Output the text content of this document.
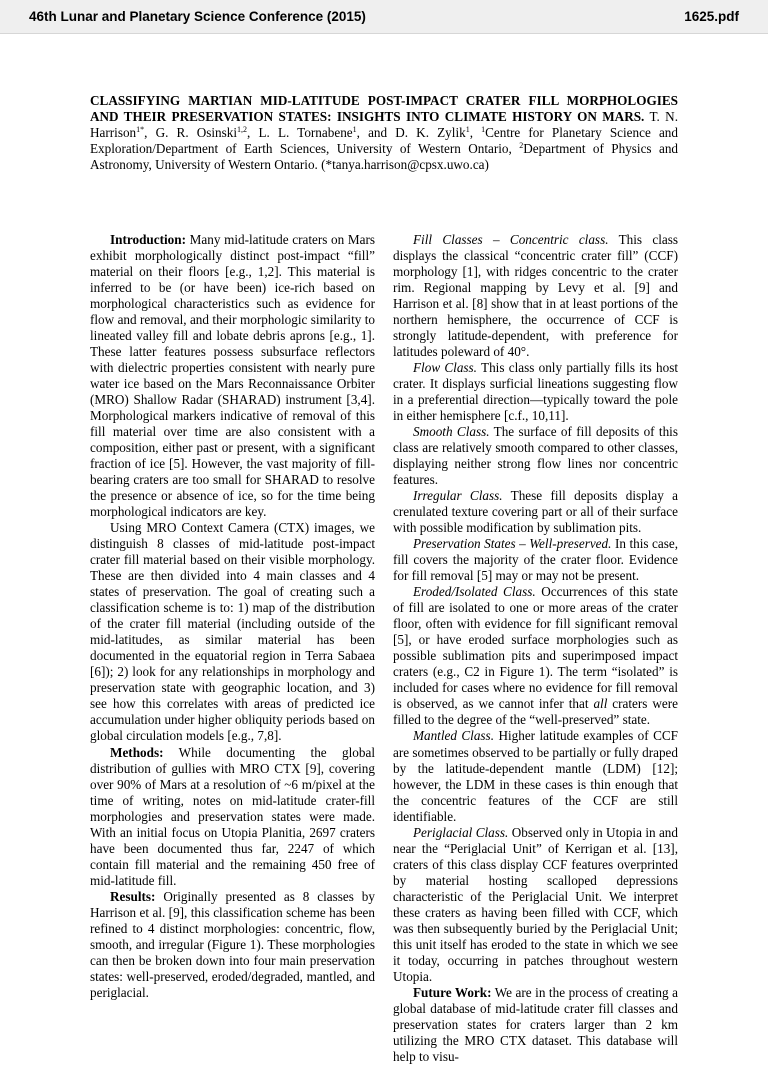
46th Lunar and Planetary Science Conference (2015)	1625.pdf
CLASSIFYING MARTIAN MID-LATITUDE POST-IMPACT CRATER FILL MORPHOLOGIES AND THEIR PRESERVATION STATES: INSIGHTS INTO CLIMATE HISTORY ON MARS. T. N. Harrison$^{1*}$, G. R. Osinski$^{1,2}$, L. L. Tornabene$^1$, and D. K. Zylik$^1$, $^1$Centre for Planetary Science and Exploration/Department of Earth Sciences, University of Western Ontario, $^2$Department of Physics and Astronomy, University of Western Ontario. (*tanya.harrison@cpsx.uwo.ca)

Introduction: Many mid-latitude craters on Mars exhibit morphologically distinct post-impact “fill” material on their floors [e.g., 1,2]. This material is inferred to be (or have been) ice-rich based on morphological characteristics such as evidence for flow and removal, and their morphologic similarity to lineated valley fill and lobate debris aprons [e.g., 1]. These latter features possess subsurface reflectors with dielectric properties consistent with nearly pure water ice based on the Mars Reconnaissance Orbiter (MRO) Shallow Radar (SHARAD) instrument [3,4]. Morphological markers indicative of removal of this fill material over time are also consistent with a composition, either past or present, with a significant fraction of ice [5]. However, the vast majority of fill-bearing craters are too small for SHARAD to resolve the presence or absence of ice, so for the time being morphological indicators are key.

Using MRO Context Camera (CTX) images, we distinguish 8 classes of mid-latitude post-impact crater fill material based on their visible morphology. These are then divided into 4 main classes and 4 states of preservation. The goal of creating such a classification scheme is to: 1) map of the distribution of the crater fill material (including outside of the mid-latitudes, as similar material has been documented in the equatorial region in Terra Sabaea [6]); 2) look for any relationships in morphology and preservation state with geographic location, and 3) see how this correlates with areas of predicted ice accumulation under higher obliquity periods based on global circulation models [e.g., 7,8].

Methods: While documenting the global distribution of gullies with MRO CTX [9], covering over 90% of Mars at a resolution of ~6 m/pixel at the time of writing, notes on mid-latitude crater-fill morphologies and preservation states were made. With an initial focus on Utopia Planitia, 2697 craters have been documented thus far, 2247 of which contain fill material and the remaining 450 free of mid-latitude fill.

Results: Originally presented as 8 classes by Harrison et al. [9], this classification scheme has been refined to 4 distinct morphologies: concentric, flow, smooth, and irregular (Figure 1). These morphologies can then be broken down into four main preservation states: well-preserved, eroded/degraded, mantled, and periglacial.

Fill Classes – Concentric class. This class displays the classical “concentric crater fill” (CCF) morphology [1], with ridges concentric to the crater rim. Regional mapping by Levy et al. [9] and Harrison et al. [8] show that in at least portions of the northern hemisphere, the occurrence of CCF is strongly latitude-dependent, with preference for latitudes poleward of 40°.

Flow Class. This class only partially fills its host crater. It displays surficial lineations suggesting flow in a preferential direction—typically toward the pole in either hemisphere [c.f., 10,11].

Smooth Class. The surface of fill deposits of this class are relatively smooth compared to other classes, displaying neither strong flow lines nor concentric features.

Irregular Class. These fill deposits display a crenulated texture covering part or all of their surface with possible modification by sublimation pits.

Preservation States – Well-preserved. In this case, fill covers the majority of the crater floor. Evidence for fill removal [5] may or may not be present.

Eroded/Isolated Class. Occurrences of this state of fill are isolated to one or more areas of the crater floor, often with evidence for fill significant removal [5], or have eroded surface morphologies such as possible sublimation pits and superimposed impact craters (e.g., C2 in Figure 1). The term “isolated” is included for cases where no evidence for fill removal is observed, as we cannot infer that all craters were filled to the degree of the “well-preserved” state.

Mantled Class. Higher latitude examples of CCF are sometimes observed to be partially or fully draped by the latitude-dependent mantle (LDM) [12]; however, the LDM in these cases is thin enough that the concentric features of the CCF are still identifiable.

Periglacial Class. Observed only in Utopia in and near the “Periglacial Unit” of Kerrigan et al. [13], craters of this class display CCF features overprinted by material hosting scalloped depressions characteristic of the Periglacial Unit. We interpret these craters as having been filled with CCF, which was then subsequently buried by the Periglacial Unit; this unit itself has eroded to the state in which we see it today, occurring in patches throughout western Utopia.

Future Work: We are in the process of creating a global database of mid-latitude crater fill classes and preservation states for craters larger than 2 km utilizing the MRO CTX dataset. This database will help to visu-
